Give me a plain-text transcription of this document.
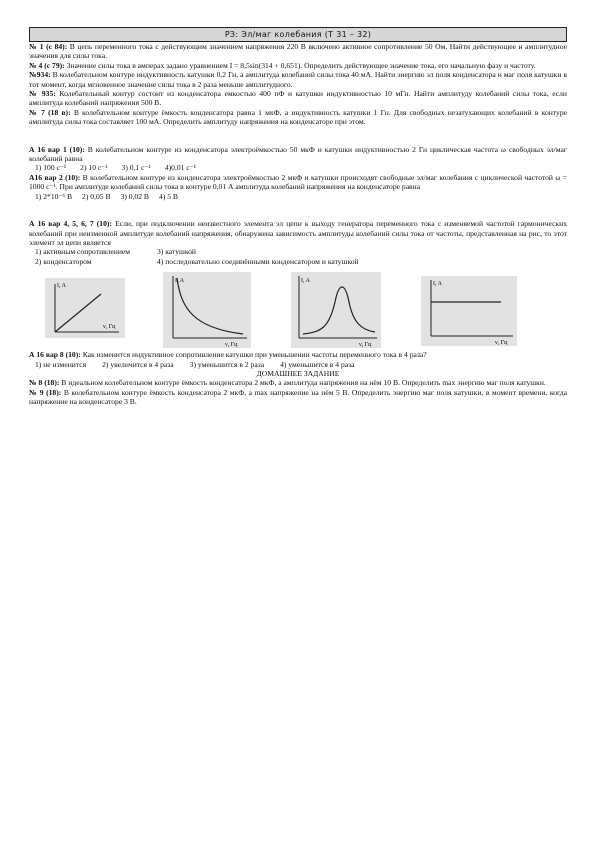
РЗ: Эл/маг колебания (Т 31 – 32)

№ 1 (с 84): В цепь переменного тока с действующим значением напряжения 220 В включено активное сопротивление 50 Ом. Найти действующее и амплитудное значения для силы тока.

№ 4 (с 79): Значение силы тока в амперах задано уравнением I = 8,5sin(314 + 0,651). Определить действующее значение тока, его начальную фазу и частоту.

№934: В колебательном контуре индуктивность катушки 0,2 Гн, а амплитуда колебаний силы тока 40 мА. Найти энергию эл поля конденсатора и маг поля катушки в тот момент, когда мгновенное значение силы тока в 2 раза меньше амплитудного.

№ 935: Колебательный контур состоит из конденсатора емкостью 400 пФ и катушки индуктивностью 10 мГн. Найти амплитуду колебаний силы тока, если амплитуда колебаний напряжения 500 В.

№ 7 (18 в): В колебательном контуре ёмкость конденсатора равна 1 мкФ, а индуктивность катушки 1 Гн. Для свободных незатухающих колебаний в контуре амплитуда силы тока составляет 100 мА. Определить амплитуду напряжения на конденсаторе при этом.

А 16 вар 1 (10): В колебательном контуре из конденсатора электроёмкостью 50 мкФ и катушки индуктивностью 2 Гн циклическая частота ω свободных эл/маг колебаний равна

1) 100 с⁻¹ 2) 10 с⁻¹ 3) 0,1 с⁻¹ 4)0,01 с⁻¹

А16 вар 2 (10): В колебательном контуре из конденсатора электроёмкостью 2 мкФ и катушки происходят свободные эл/маг колебания с циклической частотой ω = 1000 с⁻¹. При амплитуде колебаний силы тока в контуре 0,01 А амплитуда колебаний напряжения на конденсаторе равна

1) 2*10⁻⁶ В 2) 0,05 В 3) 0,02 В 4) 5 В

А 16 вар 4, 5, 6, 7 (10): Если, при подключении неизвестного элемента эл цепи к выходу генератора переменного тока с изменяемой частотой гармонических колебаний при неизменной амплитуде колебаний напряжения, обнаружена зависимость амплитуды колебаний силы тока от частоты, представленная на рис, то этот элемент эл цепи является

1) активным сопротивлением	3) катушкой
2) конденсатором	4) последовательно соединёнными конденсатором и катушкой
I, A
ν, Гц
I, A
ν, Гц
I, A
ν, Гц
I, A
ν, Гц

А 16 вар 8 (10): Как изменится индуктивное сопротивление катушки при уменьшении частоты переменного тока в 4 раза?

1) не изменится 2) увеличится в 4 раза 3) уменьшится в 2 раза 4) уменьшится в 4 раза
ДОМАШНЕЕ ЗАДАНИЕ

№ 8 (18): В идеальном колебательном контуре ёмкость конденсатора 2 мкФ, а амплитуда напряжения на нём 10 В. Определить max энергию маг поля катушки.

№ 9 (18): В колебательном контуре ёмкость конденсатора 2 мкФ, а max напряжение на нём 5 В. Определить энергию маг поля катушки, в момент времени, когда напряжение на конденсаторе 3 В.
